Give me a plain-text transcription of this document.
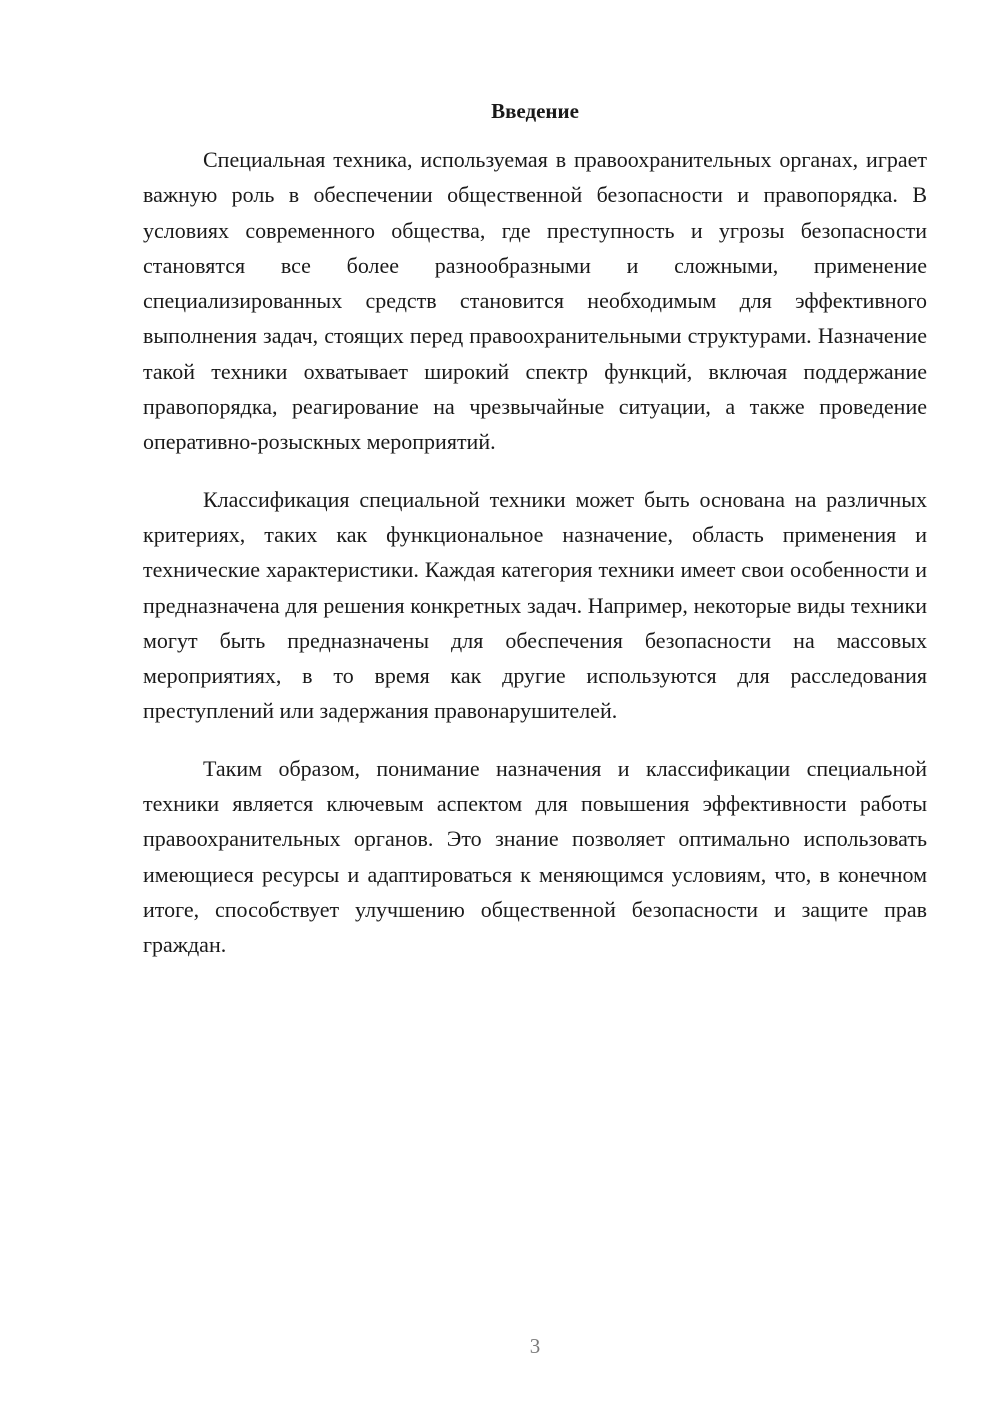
Введение

Специальная техника, используемая в правоохранительных органах, играет важную роль в обеспечении общественной безопасности и правопорядка. В условиях современного общества, где преступность и угрозы безопасности становятся все более разнообразными и сложными, применение специализированных средств становится необходимым для эффективного выполнения задач, стоящих перед правоохранительными структурами. Назначение такой техники охватывает широкий спектр функций, включая поддержание правопорядка, реагирование на чрезвычайные ситуации, а также проведение оперативно-розыскных мероприятий.

Классификация специальной техники может быть основана на различных критериях, таких как функциональное назначение, область применения и технические характеристики. Каждая категория техники имеет свои особенности и предназначена для решения конкретных задач. Например, некоторые виды техники могут быть предназначены для обеспечения безопасности на массовых мероприятиях, в то время как другие используются для расследования преступлений или задержания правонарушителей.

Таким образом, понимание назначения и классификации специальной техники является ключевым аспектом для повышения эффективности работы правоохранительных органов. Это знание позволяет оптимально использовать имеющиеся ресурсы и адаптироваться к меняющимся условиям, что, в конечном итоге, способствует улучшению общественной безопасности и защите прав граждан.

3
